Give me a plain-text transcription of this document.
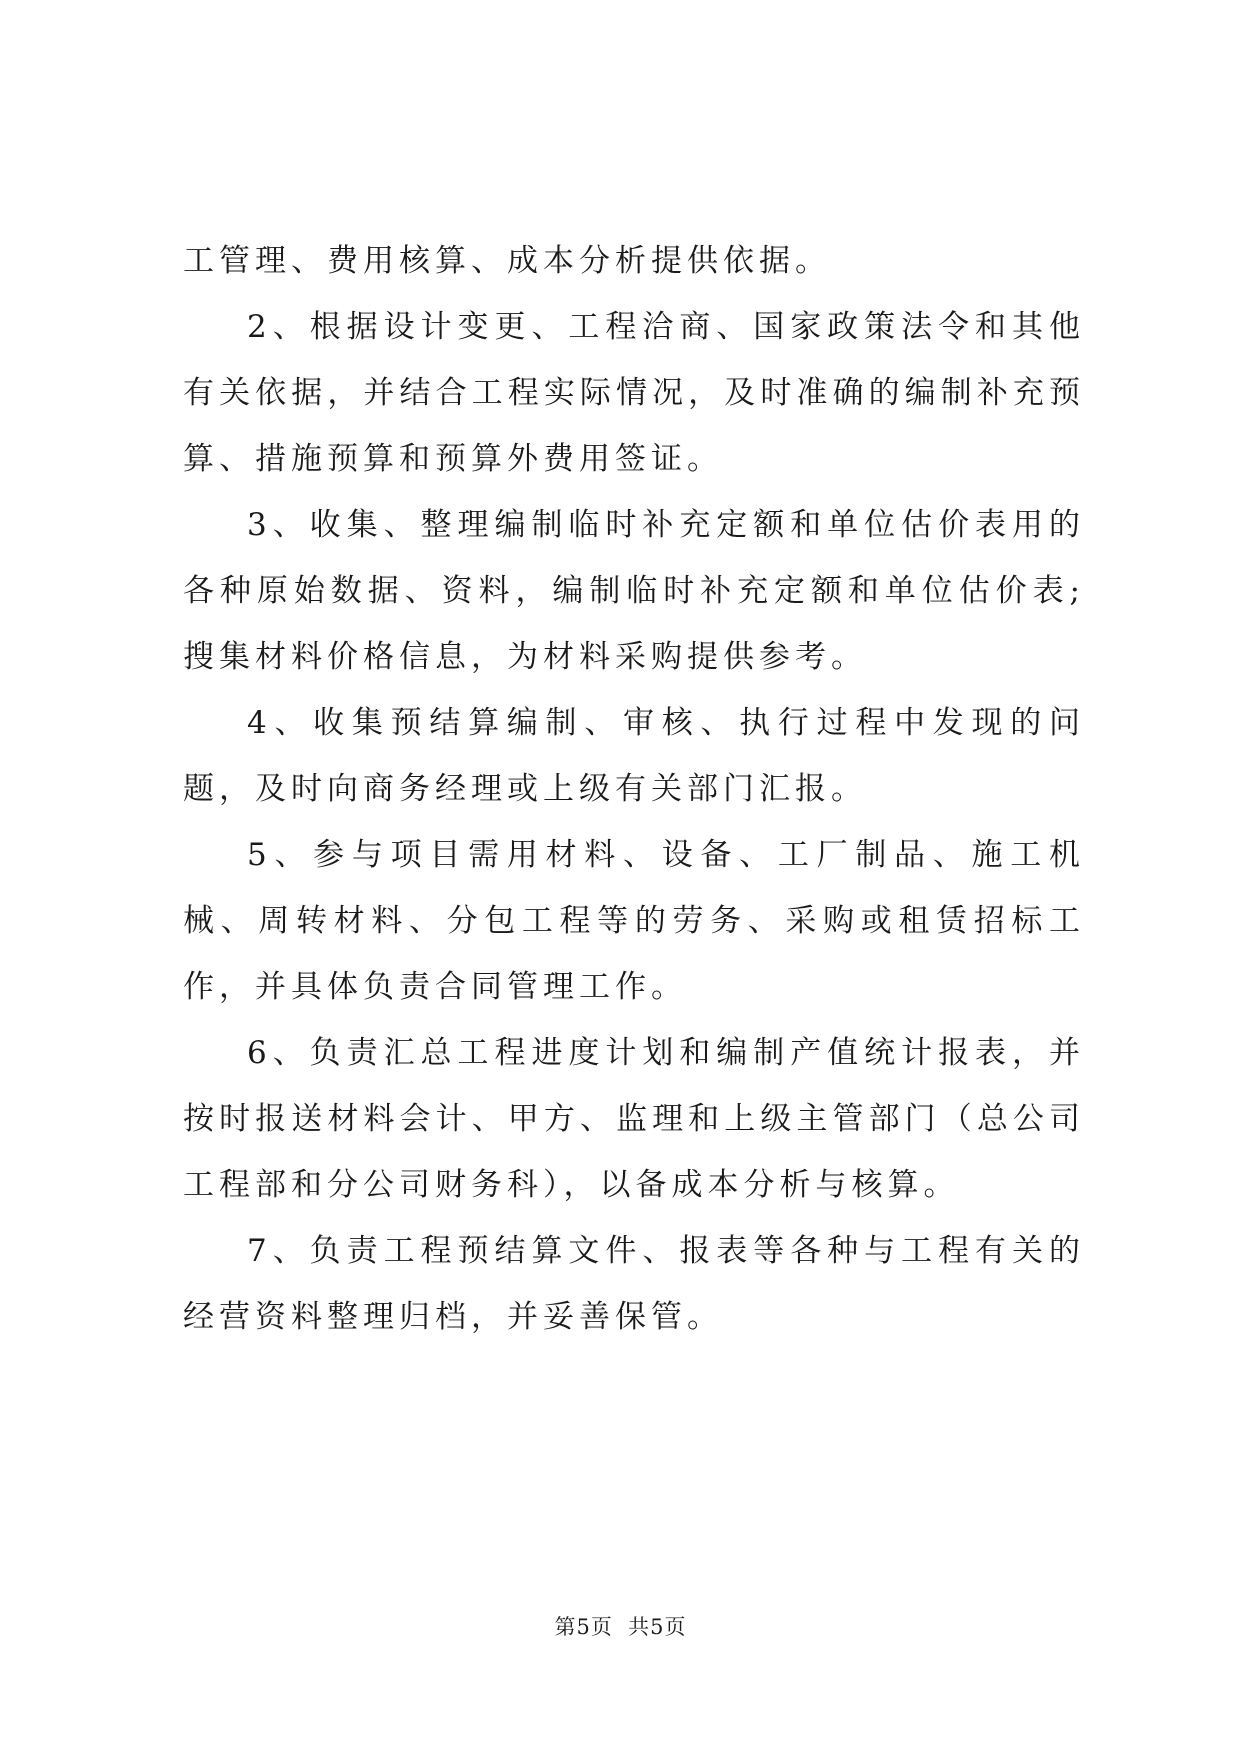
工管理、费用核算、成本分析提供依据。

2、根据设计变更、工程洽商、国家政策法令和其他有关依据，并结合工程实际情况，及时准确的编制补充预算、措施预算和预算外费用签证。

3、收集、整理编制临时补充定额和单位估价表用的各种原始数据、资料，编制临时补充定额和单位估价表;搜集材料价格信息，为材料采购提供参考。

4、收集预结算编制、审核、执行过程中发现的问题，及时向商务经理或上级有关部门汇报。

5、参与项目需用材料、设备、工厂制品、施工机械、周转材料、分包工程等的劳务、采购或租赁招标工作，并具体负责合同管理工作。

6、负责汇总工程进度计划和编制产值统计报表，并按时报送材料会计、甲方、监理和上级主管部门（总公司工程部和分公司财务科），以备成本分析与核算。

7、负责工程预结算文件、报表等各种与工程有关的经营资料整理归档，并妥善保管。

第5页  共5页
